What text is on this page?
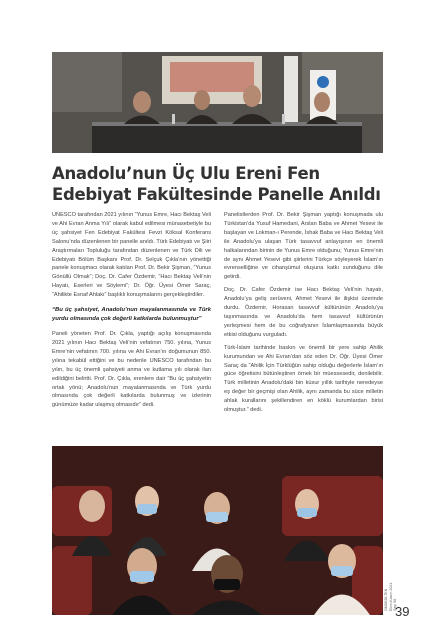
Anadolu’nun Üç Ulu Ereni Fen Edebiyat Fakültesinde Panelle Anıldı

UNESCO tarafından 2021 yılının “Yunus Emre, Hacı Bektaş Veli ve Ahi Evran Anma Yılı” olarak kabul edilmesi münasebetiyle bu üç şahsiyet Fen Edebiyat Fakültesi Fevzi Köksal Konferans Salonu’nda düzenlenen bir panelle anıldı. Türk Edebiyatı ve Şiiri Araştırmaları Topluluğu tarafından düzenlenen ve Türk Dili ve Edebiyatı Bölüm Başkanı Prof. Dr. Selçuk Çıkla’nın yönettiği panele konuşmacı olarak katılan Prof. Dr. Bekir Şişman, “Yunus Gönüllü Olmak”; Doç. Dr. Cafer Özdemir, “Hacı Bektaş Veli’nin Hayatı, Eserleri ve Söylemi”; Dr. Öğr. Üyesi Ömer Saraç, “Ahilikte Esnaf Ahlakı” başlıklı konuşmalarını gerçekleştirdiler.

“Bu üç şahsiyet, Anadolu’nun mayalanmasında ve Türk yurdu olmasında çok değerli katkılarda bulunmuştur”

Paneli yöneten Prof. Dr. Çıkla, yaptığı açılış konuşmasında 2021 yılının Hacı Bektaş Veli’nin vefatının 750. yılına, Yunus Emre’nin vefatının 700. yılına ve Ahi Evran’ın doğumunun 850. yılına tekabül ettiğini ve bu nedenle UNESCO tarafından bu yılın, bu üç önemli şahsiyeti anma ve kutlama yılı olarak ilan edildiğini belirtti. Prof. Dr. Çıkla, erenlere dair “Bu üç şahsiyetin ortak yönü; Anadolu’nun mayalanmasında ve Türk yurdu olmasında çok değerli katkılarda bulunmuş ve izlerinin günümüze kadar ulaşmış olmasıdır” dedi.

Panelistlerden Prof. Dr. Bekir Şişman yaptığı konuşmada ulu Türkistan’da Yusuf Hamedani, Arslan Baba ve Ahmet Yesevi ile başlayan ve Lokman-ı Perende, İshak Baba ve Hacı Bektaş Veli ile Anadolu’ya ulaşan Türk tasavvuf anlayışının en önemli halkalarından birinin de Yunus Emre olduğunu; Yunus Emre’nin de aynı Ahmet Yesevi gibi şiirlerini Türkçe söyleyerek İslam’ın evrenselliğine ve cihanşümul oluşuna katkı sunduğunu dile getirdi.

Doç. Dr. Cafer Özdemir ise Hacı Bektaş Veli’nin hayatı, Anadolu’ya geliş serüveni, Ahmet Yesevi ile ilişkisi üzerinde durdu. Özdemir, Horasan tasavvuf kültürünün Anadolu’ya taşınmasında ve Anadolu’da hem tasavvuf kültürünün yerleşmesi hem de bu coğrafyanın İslamlaşmasında büyük etkisi olduğunu vurguladı.

Türk-İslam tarihinde baskın ve önemli bir yere sahip Ahilik kurumundan ve Ahi Evran’dan söz eden Dr. Öğr. Üyesi Ömer Saraç da “Ahilik İçin Türklüğün sahip olduğu değerlerle İslam’ın güce öğretisini bütünleştiren örnek bir müessesedir, denilebilir. Türk milletinin Anadolu’daki bin küsur yıllık tarihiyle neredeyse eş değer bir geçmişi olan Ahilik, aynı zamanda bu süce milletin ahlak kurallarını şekillendiren en köklü kurumlardan birisi olmuştur.” dedi.

OMÜBÜLTEN
Ekim-Kasım 2021
Sayı 98
39
